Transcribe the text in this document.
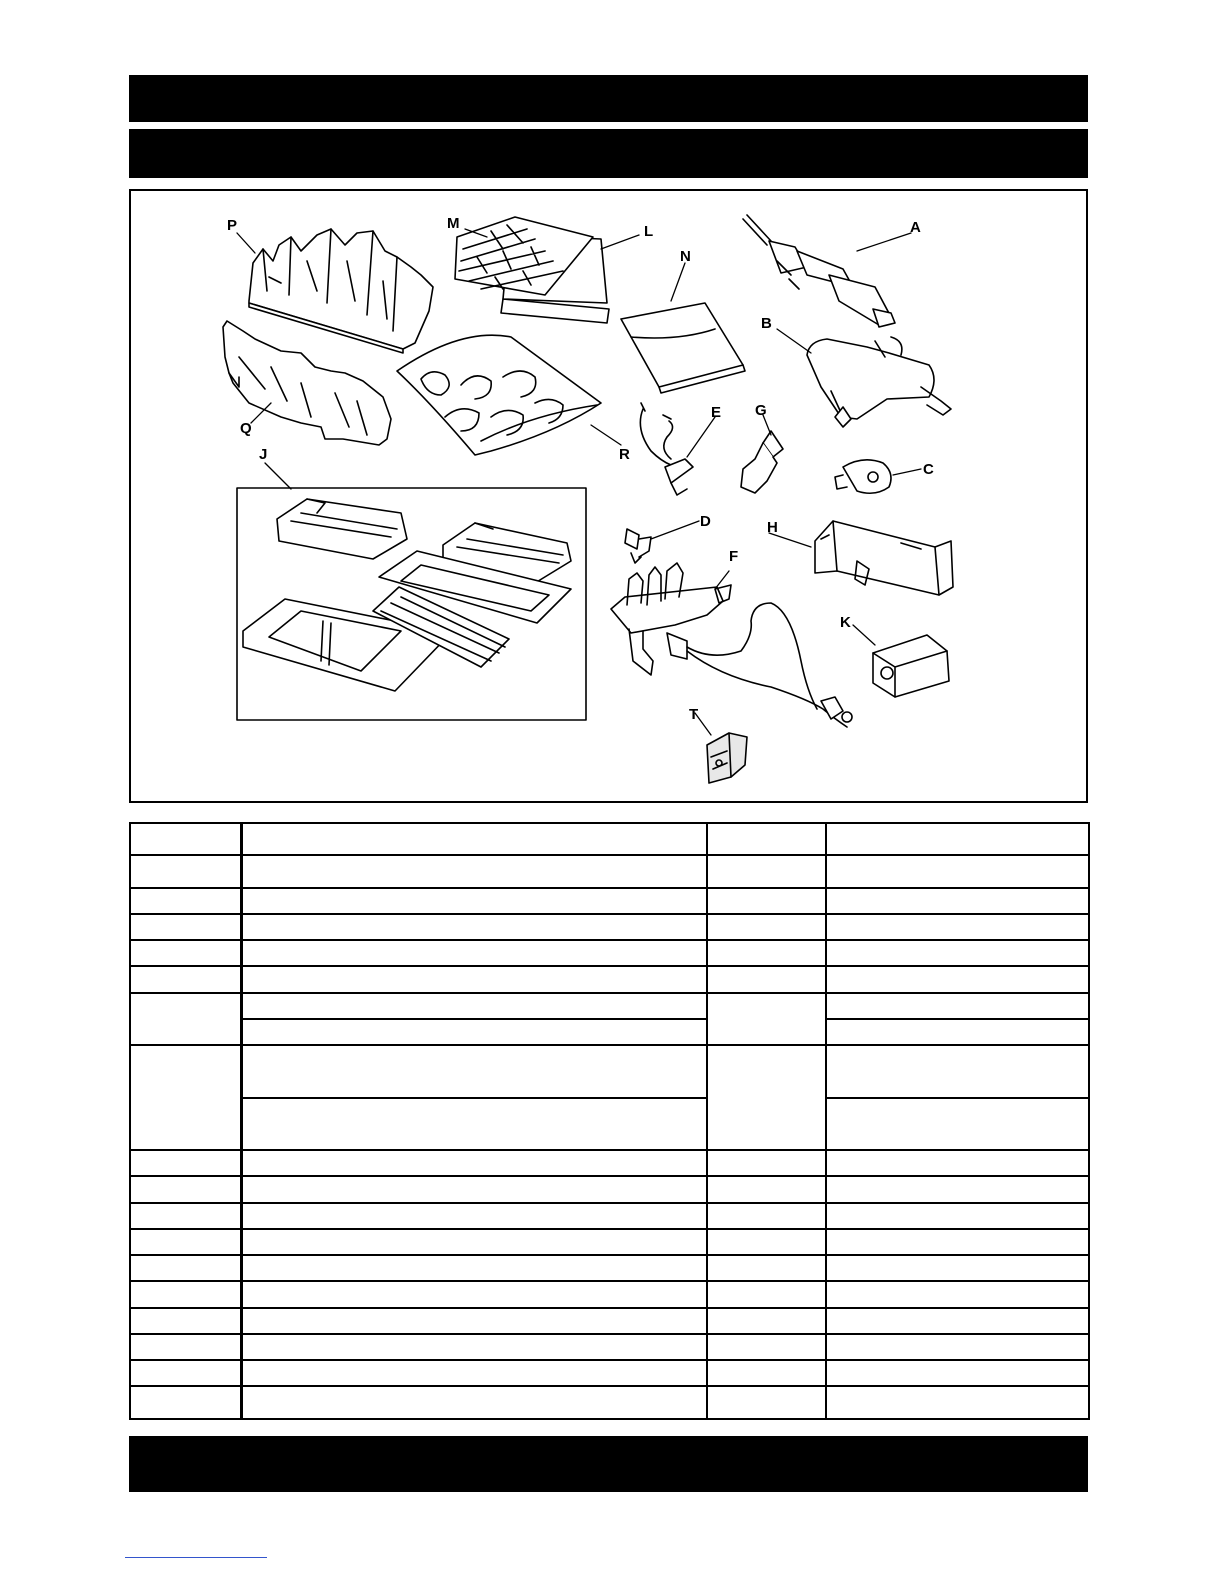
P	M	L
N
A
B
Q
R
E G
C
J
D	H
F
K
T
